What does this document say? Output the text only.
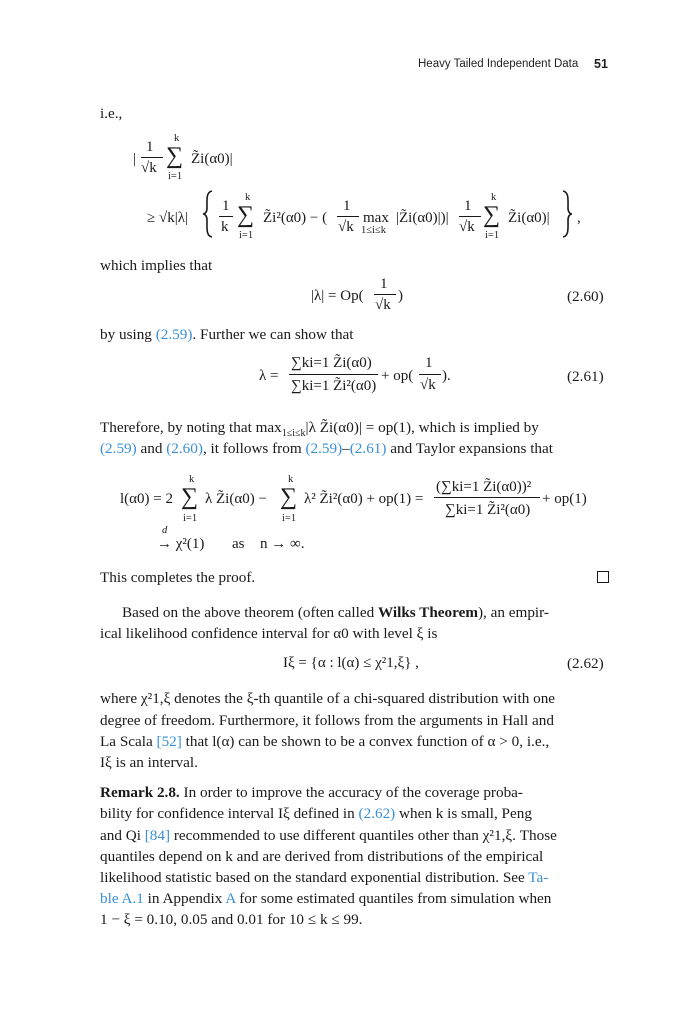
Heavy Tailed Independent Data 51
i.e.,
|
1
√k
k
∑
i=1
Z̃i(α0)|
≥ √k|λ|
1
k
k
∑
i=1
Z̃i²(α0) − (
1
√k
max
1≤i≤k
|Z̃i(α0)|)|
1
√k
k
∑
i=1
Z̃i(α0)| ,
which implies that
|λ| = Op(
1
√k
)	(2.60)
by using (2.59). Further we can show that
λ =
∑ki=1 Z̃i(α0)
∑ki=1 Z̃i²(α0)
+ op(
1
√k
).	(2.61)
Therefore, by noting that $\max_{1\le i\le k}|\lambda$ Z̃i(α0)| = op(1), which is implied by
(2.59) and (2.60), it follows from (2.59)–(2.61) and Taylor expansions that
l(α0) = 2
k
∑
i=1
λ Z̃i(α0) −
k
∑
i=1
λ² Z̃i²(α0) + op(1) =
(∑ki=1 Z̃i(α0))²
∑ki=1 Z̃i²(α0)
+ op(1)
d
→ χ²(1) as n → ∞.
This completes the proof.
Based on the above theorem (often called Wilks Theorem), an empir-
ical likelihood confidence interval for α0 with level ξ is
Iξ = {α : l(α) ≤ χ²1,ξ} ,	(2.62)
where χ²1,ξ denotes the ξ-th quantile of a chi-squared distribution with one
degree of freedom. Furthermore, it follows from the arguments in Hall and
La Scala [52] that l(α) can be shown to be a convex function of α > 0, i.e.,
Iξ is an interval.
Remark 2.8. In order to improve the accuracy of the coverage proba-
bility for confidence interval Iξ defined in (2.62) when k is small, Peng
and Qi [84] recommended to use different quantiles other than χ²1,ξ. Those
quantiles depend on k and are derived from distributions of the empirical
likelihood statistic based on the standard exponential distribution. See Ta-
ble A.1 in Appendix A for some estimated quantiles from simulation when
1 − ξ = 0.10, 0.05 and 0.01 for 10 ≤ k ≤ 99.
